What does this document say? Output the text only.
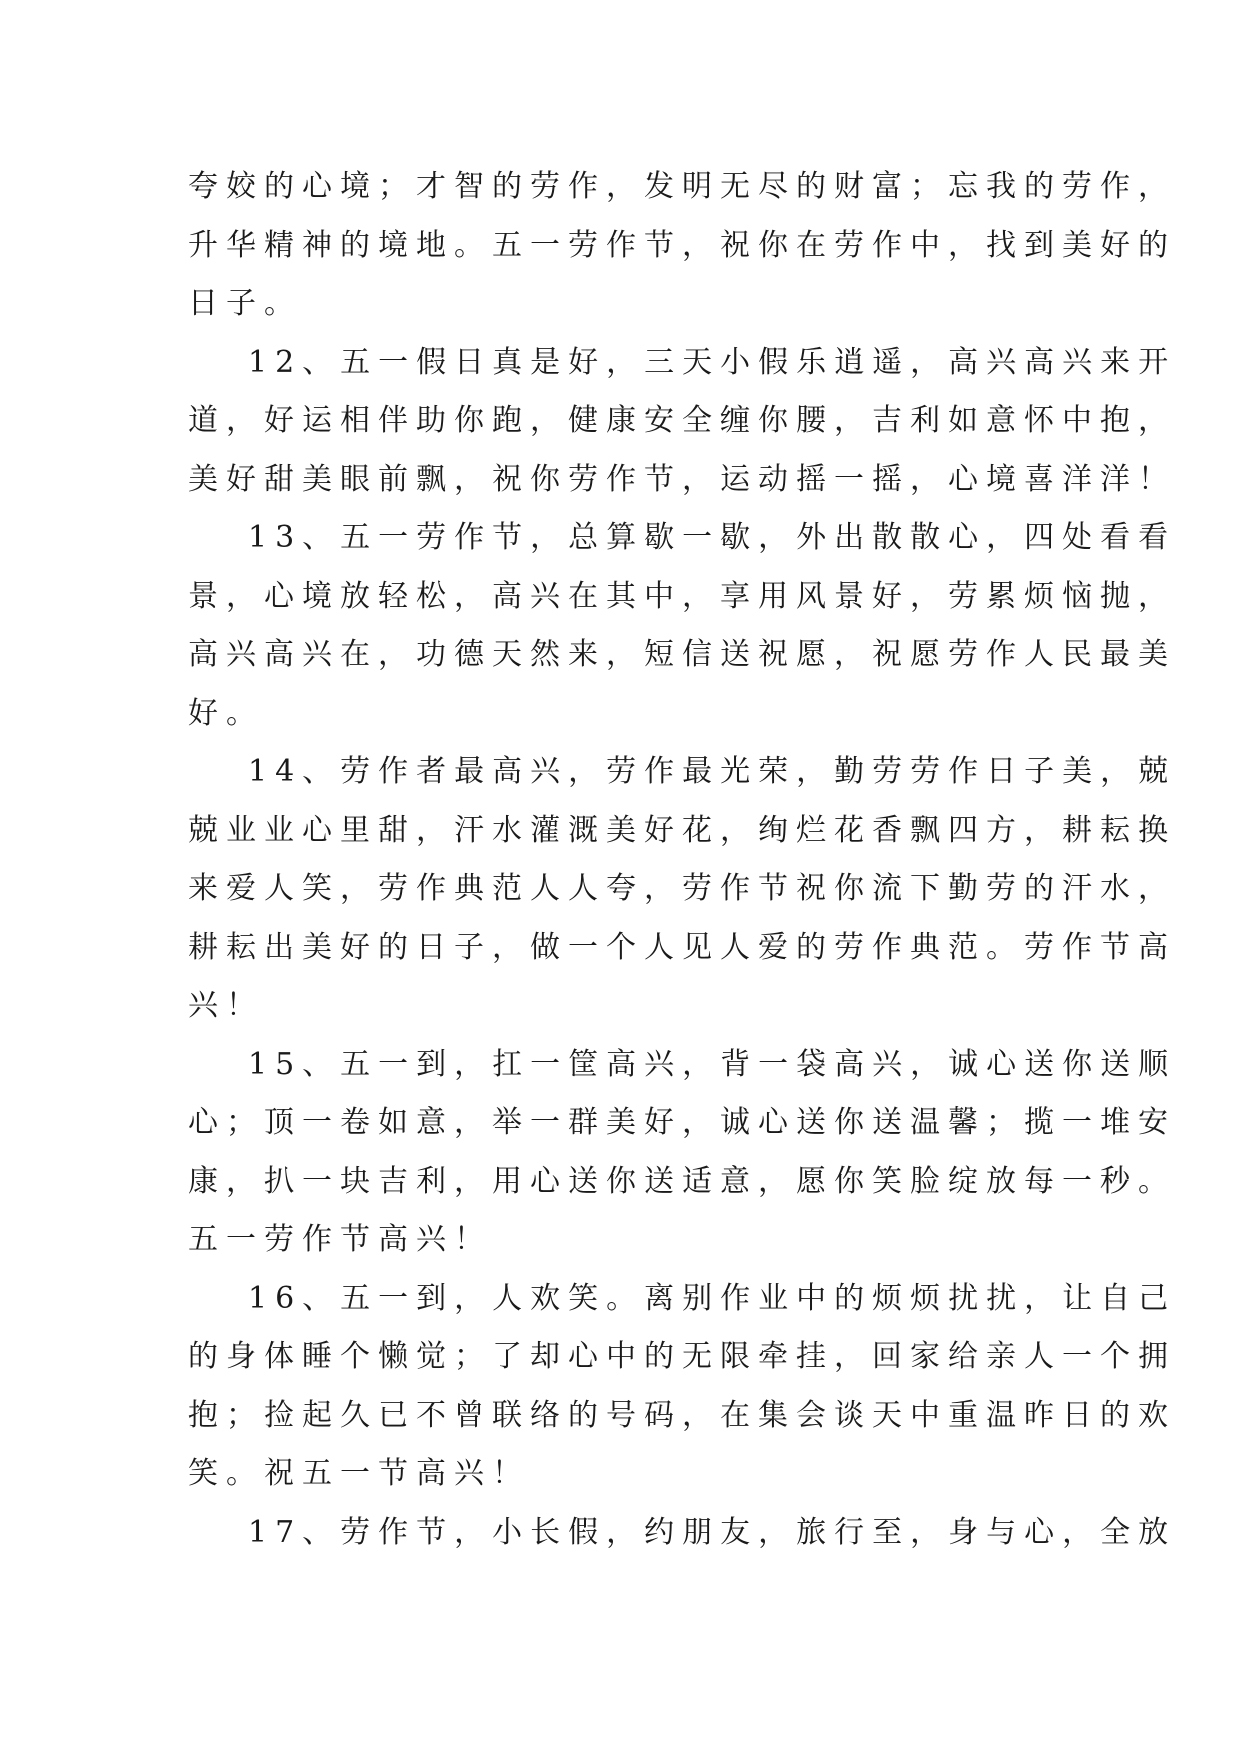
夸姣的心境；才智的劳作，发明无尽的财富；忘我的劳作，
升华精神的境地。五一劳作节，祝你在劳作中，找到美好的
日子。
12、五一假日真是好，三天小假乐逍遥，高兴高兴来开
道，好运相伴助你跑，健康安全缠你腰，吉利如意怀中抱，
美好甜美眼前飘，祝你劳作节，运动摇一摇，心境喜洋洋！
13、五一劳作节，总算歇一歇，外出散散心，四处看看
景，心境放轻松，高兴在其中，享用风景好，劳累烦恼抛，
高兴高兴在，功德天然来，短信送祝愿，祝愿劳作人民最美
好。
14、劳作者最高兴，劳作最光荣，勤劳劳作日子美，兢
兢业业心里甜，汗水灌溉美好花，绚烂花香飘四方，耕耘换
来爱人笑，劳作典范人人夸，劳作节祝你流下勤劳的汗水，
耕耘出美好的日子，做一个人见人爱的劳作典范。劳作节高
兴！
15、五一到，扛一筐高兴，背一袋高兴，诚心送你送顺
心；顶一卷如意，举一群美好，诚心送你送温馨；揽一堆安
康，扒一块吉利，用心送你送适意，愿你笑脸绽放每一秒。
五一劳作节高兴！
16、五一到，人欢笑。离别作业中的烦烦扰扰，让自己
的身体睡个懒觉；了却心中的无限牵挂，回家给亲人一个拥
抱；捡起久已不曾联络的号码，在集会谈天中重温昨日的欢
笑。祝五一节高兴！
17、劳作节，小长假，约朋友，旅行至，身与心，全放
